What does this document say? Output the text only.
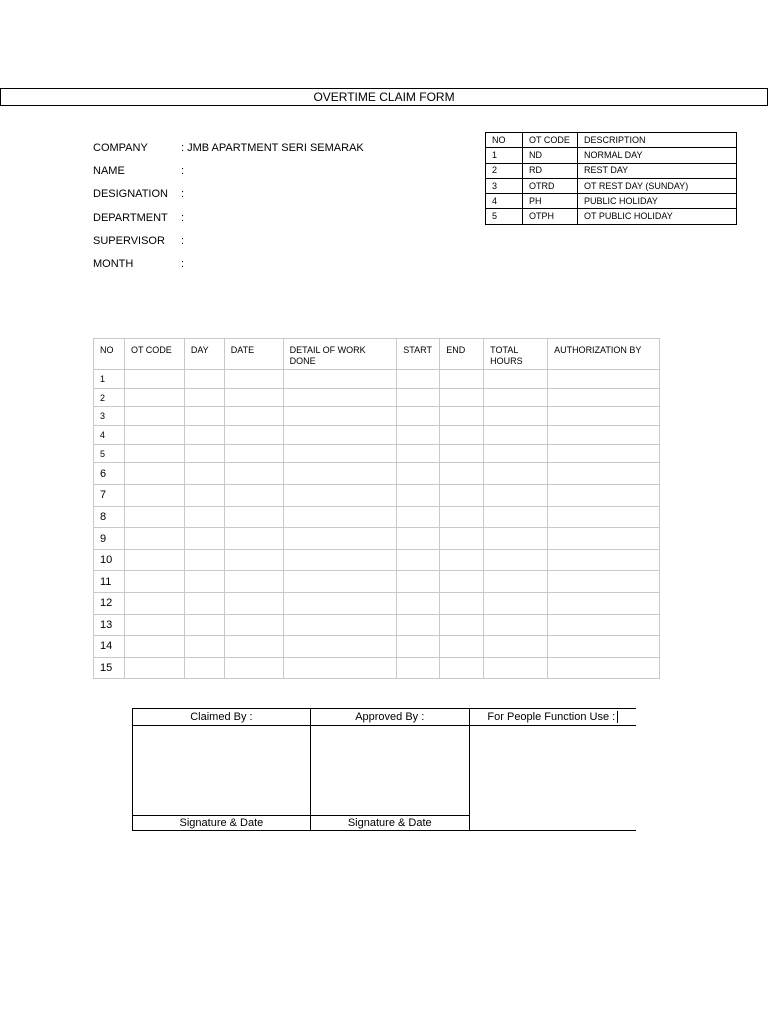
OVERTIME CLAIM FORM
COMPANY	: JMB APARTMENT SERI SEMARAK
NAME	:
DESIGNATION	:
DEPARTMENT	:
SUPERVISOR	:
MONTH	:
NO	OT CODE	DESCRIPTION
1	ND	NORMAL DAY
2	RD	REST DAY
3	OTRD	OT REST DAY (SUNDAY)
4	PH	PUBLIC HOLIDAY
5	OTPH	OT PUBLIC HOLIDAY
NO	OT CODE	DAY	DATE	DETAIL OF WORK DONE	START	END	TOTAL HOURS	AUTHORIZATION BY
1								
2								
3								
4								
5								
6								
7								
8								
9								
10								
11								
12								
13								
14								
15								
Claimed By :	Approved By :	For People Function Use :

Signature & Date	Signature & Date	
